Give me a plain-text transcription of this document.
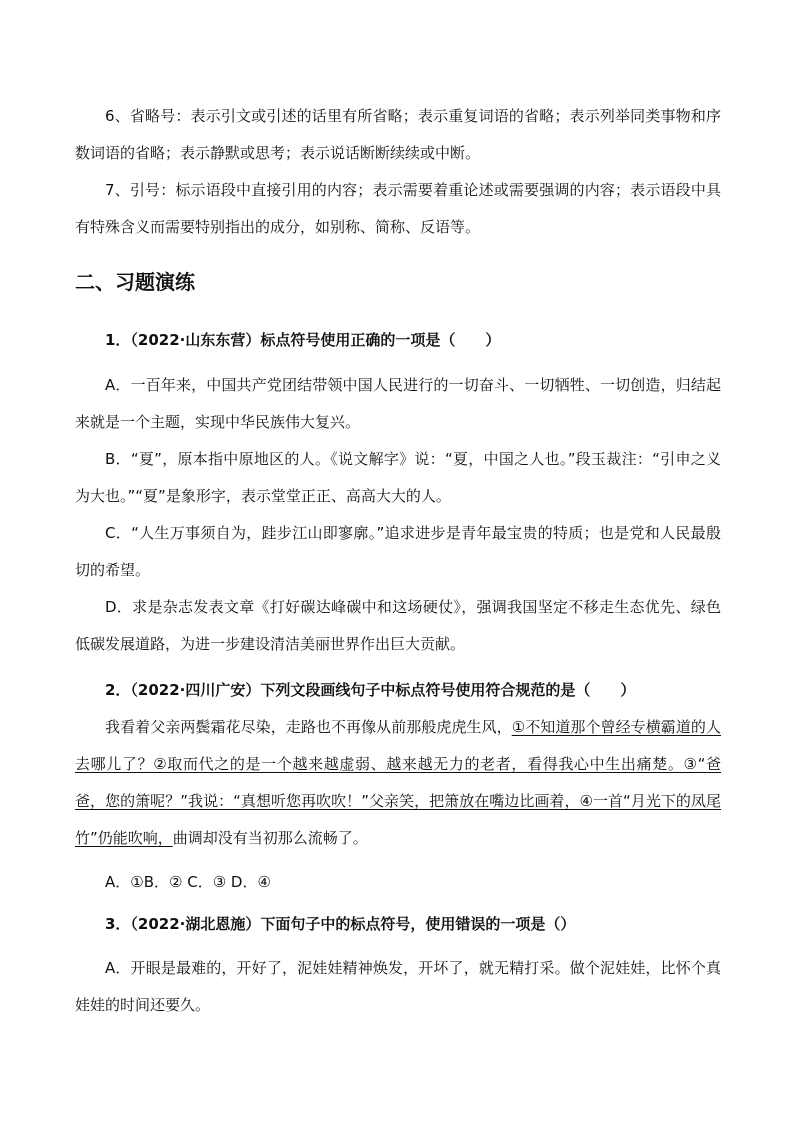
6、省略号：表示引文或引述的话里有所省略；表示重复词语的省略；表示列举同类事物和序数词语的省略；表示静默或思考；表示说话断断续续或中断。

7、引号：标示语段中直接引用的内容；表示需要着重论述或需要强调的内容；表示语段中具有特殊含义而需要特别指出的成分，如别称、简称、反语等。

二、习题演练

1．（2022·山东东营）标点符号使用正确的一项是（　　）

A．一百年来，中国共产党团结带领中国人民进行的一切奋斗、一切牺牲、一切创造，归结起来就是一个主题，实现中华民族伟大复兴。

B．“夏”，原本指中原地区的人。《说文解字》说：“夏，中国之人也。”段玉裁注：“引申之义为大也。”“夏”是象形字，表示堂堂正正、高高大大的人。

C．“人生万事须自为，跬步江山即寥廓。”追求进步是青年最宝贵的特质；也是党和人民最殷切的希望。

D．求是杂志发表文章《打好碳达峰碳中和这场硬仗》，强调我国坚定不移走生态优先、绿色低碳发展道路，为进一步建设清洁美丽世界作出巨大贡献。

2．（2022·四川广安）下列文段画线句子中标点符号使用符合规范的是（　　）

我看着父亲两鬓霜花尽染，走路也不再像从前那般虎虎生风，①不知道那个曾经专横霸道的人去哪儿了？②取而代之的是一个越来越虚弱、越来越无力的老者，看得我心中生出痛楚。③“爸爸，您的箫呢？”我说：“真想听您再吹吹！”父亲笑，把箫放在嘴边比画着，④一首“月光下的凤尾竹”仍能吹响，曲调却没有当初那么流畅了。

A．①B．② C．③ D．④

3．（2022·湖北恩施）下面句子中的标点符号，使用错误的一项是（）

A．开眼是最难的，开好了，泥娃娃精神焕发，开坏了，就无精打采。做个泥娃娃，比怀个真娃娃的时间还要久。
